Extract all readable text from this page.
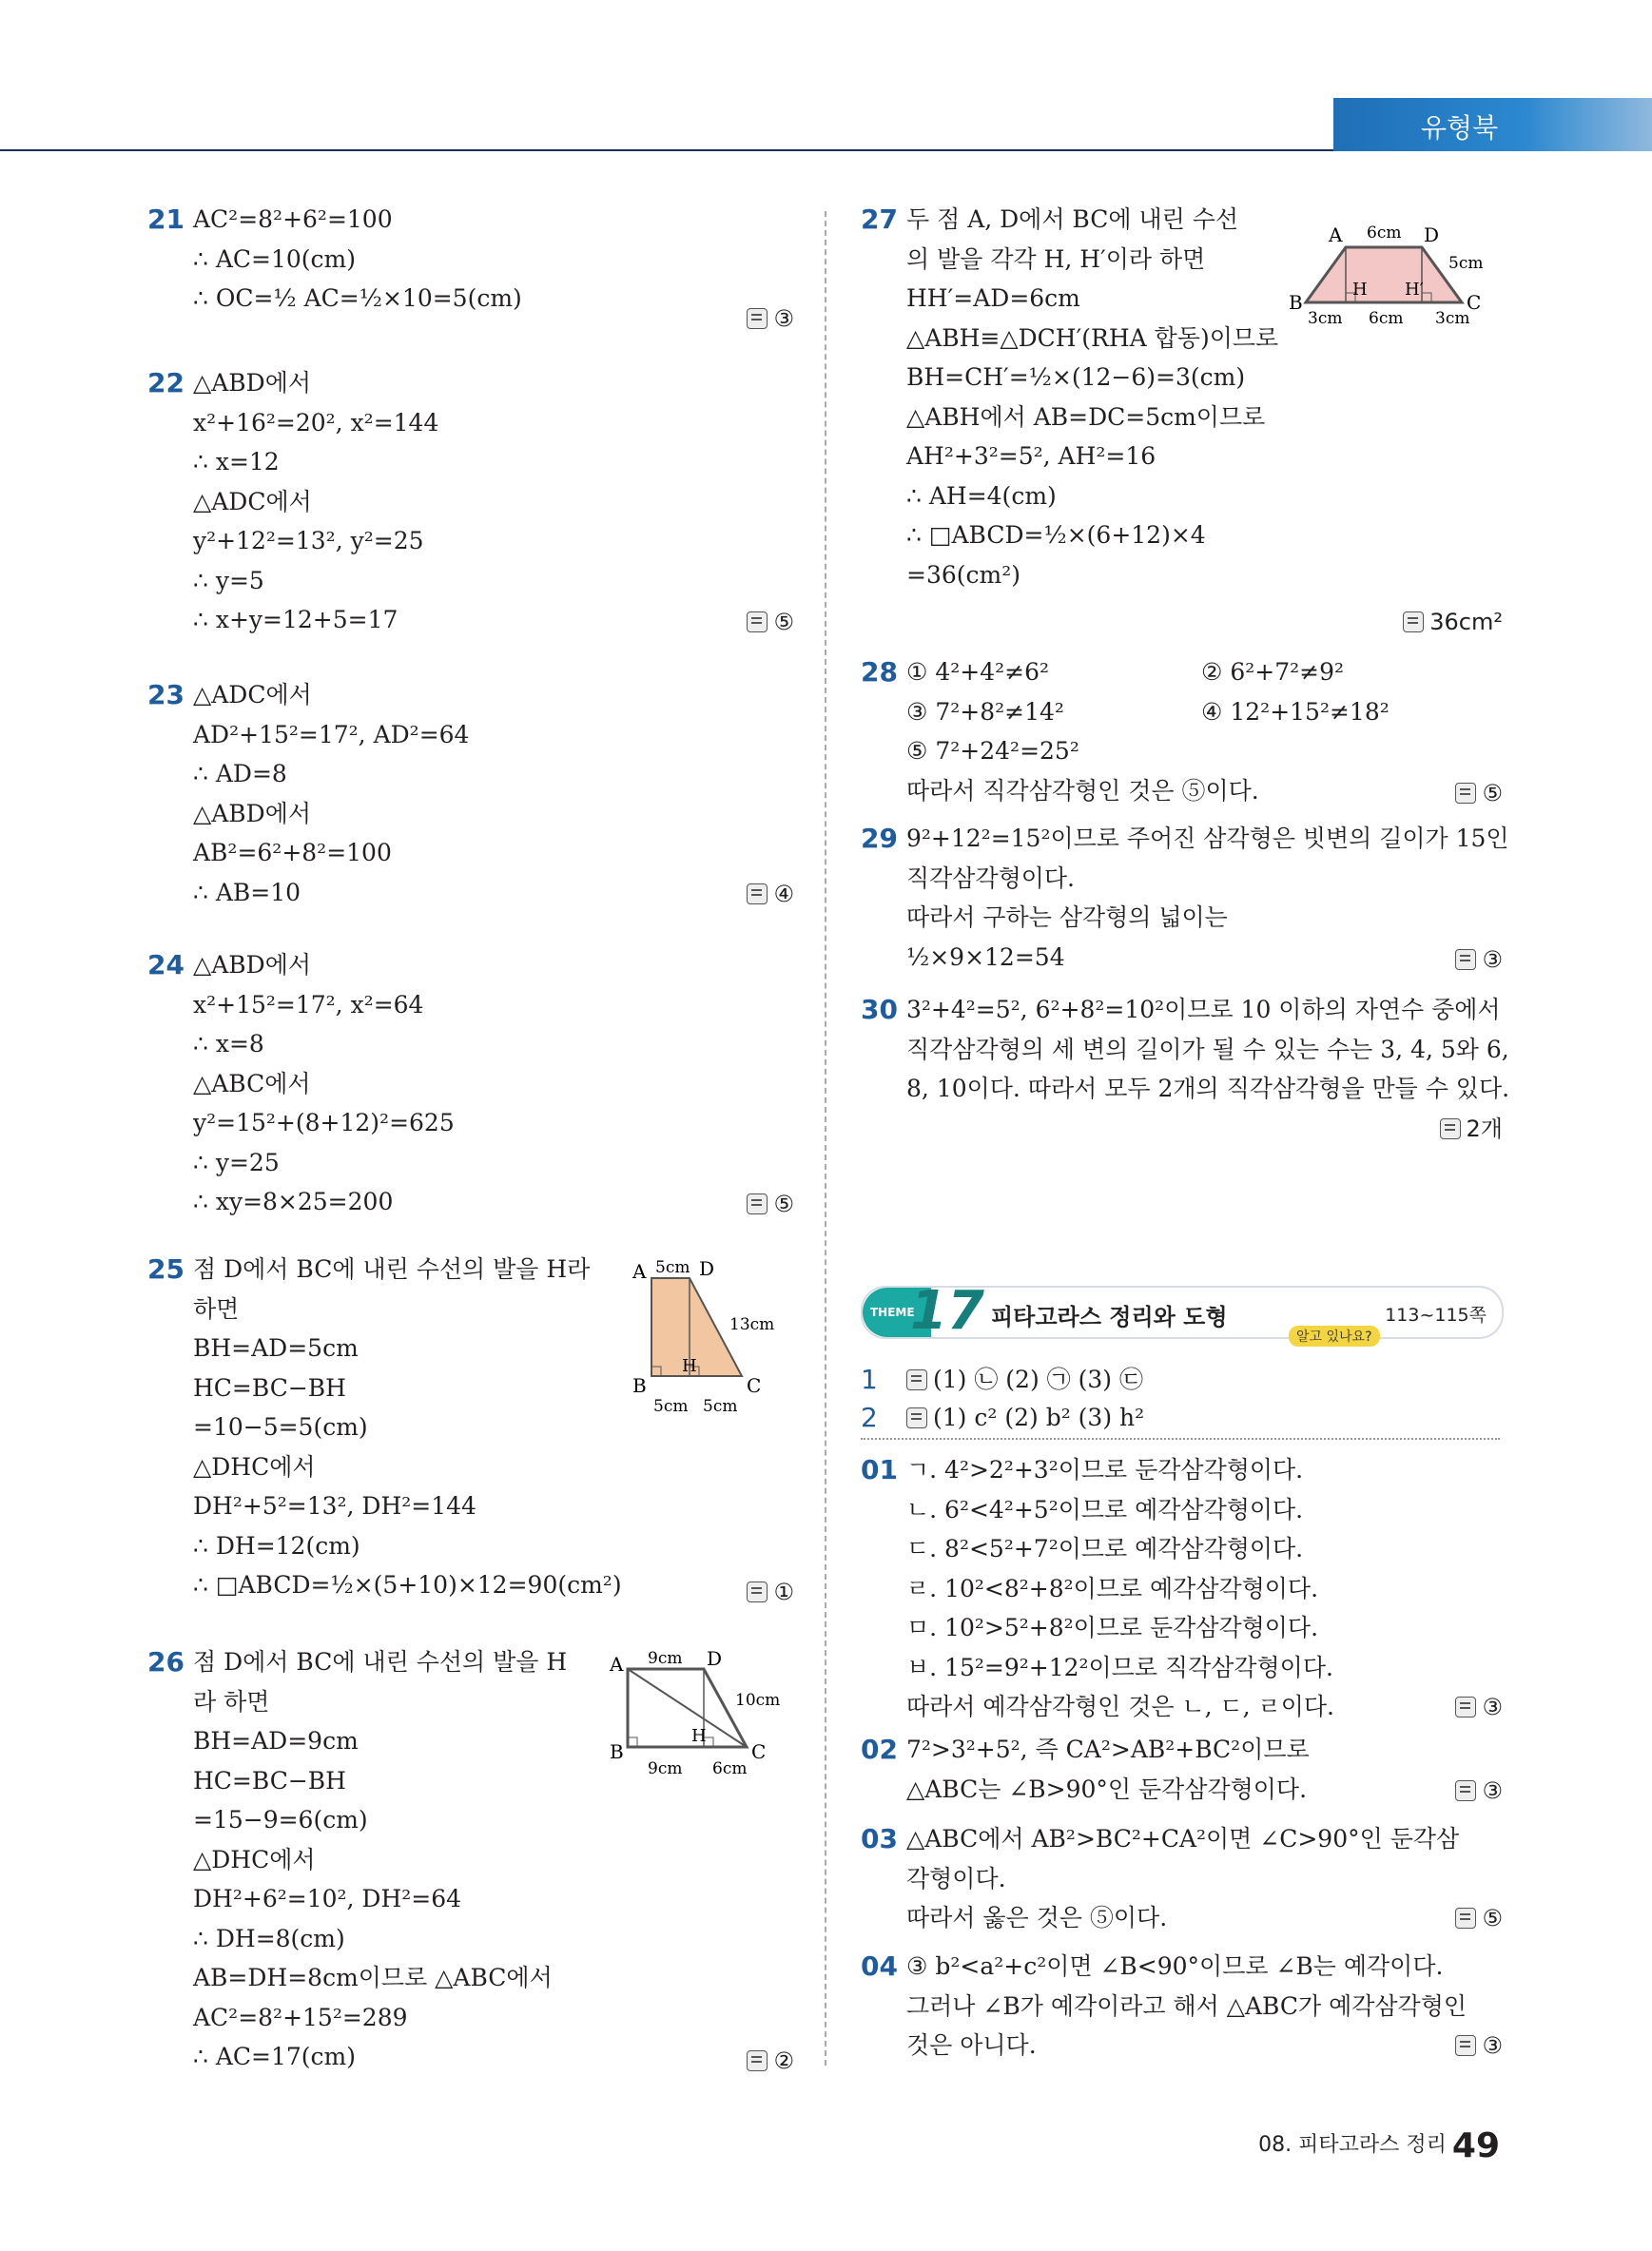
유형북
21 AC²=8²+6²=100
∴ AC=10(cm)
∴ OC=½ AC=½×10=5(cm)
③
22 △ABD에서
x²+16²=20², x²=144
∴ x=12
△ADC에서
y²+12²=13², y²=25
∴ y=5
∴ x+y=12+5=17	⑤
23 △ADC에서
AD²+15²=17², AD²=64
∴ AD=8
△ABD에서
AB²=6²+8²=100
∴ AB=10	④
24 △ABD에서
x²+15²=17², x²=64
∴ x=8
△ABC에서
y²=15²+(8+12)²=625
∴ y=25
∴ xy=8×25=200	⑤
25 점 D에서 BC에 내린 수선의 발을 H라
하면
BH=AD=5cm
HC=BC−BH
=10−5=5(cm)
△DHC에서
DH²+5²=13², DH²=144
∴ DH=12(cm)
∴ □ABCD=½×(5+10)×12=90(cm²)	①
A	D
B	C
H
5cm
13cm
5cm 5cm
26 점 D에서 BC에 내린 수선의 발을 H
라 하면
BH=AD=9cm
HC=BC−BH
=15−9=6(cm)
△DHC에서
DH²+6²=10², DH²=64
∴ DH=8(cm)
AB=DH=8cm이므로 △ABC에서
AC²=8²+15²=289
∴ AC=17(cm)	②
A	D
B	C
H
9cm
10cm
9cm 6cm
27 두 점 A, D에서 BC에 내린 수선
의 발을 각각 H, H′이라 하면
HH′=AD=6cm
△ABH≡△DCH′(RHA 합동)이므로
BH=CH′=½×(12−6)=3(cm)
△ABH에서 AB=DC=5cm이므로
AH²+3²=5², AH²=16
∴ AH=4(cm)
∴ □ABCD=½×(6+12)×4
=36(cm²)
36cm²
A	D
B	C
H H′
6cm
5cm
3cm 6cm 3cm
28 ① 4²+4²≠6²	② 6²+7²≠9²
③ 7²+8²≠14²	④ 12²+15²≠18²
⑤ 7²+24²=25²
따라서 직각삼각형인 것은 ⑤이다.	⑤
29 9²+12²=15²이므로 주어진 삼각형은 빗변의 길이가 15인
직각삼각형이다.
따라서 구하는 삼각형의 넓이는
½×9×12=54	③
30 3²+4²=5², 6²+8²=10²이므로 10 이하의 자연수 중에서
직각삼각형의 세 변의 길이가 될 수 있는 수는 3, 4, 5와 6,
8, 10이다. 따라서 모두 2개의 직각삼각형을 만들 수 있다.
2개
THEME
17 피타고라스 정리와 도형	113~115쪽
알고 있나요?
1	(1) ㉡ (2) ㉠ (3) ㉢
2	(1) c² (2) b² (3) h²
01 ㄱ. 4²>2²+3²이므로 둔각삼각형이다.
ㄴ. 6²<4²+5²이므로 예각삼각형이다.
ㄷ. 8²<5²+7²이므로 예각삼각형이다.
ㄹ. 10²<8²+8²이므로 예각삼각형이다.
ㅁ. 10²>5²+8²이므로 둔각삼각형이다.
ㅂ. 15²=9²+12²이므로 직각삼각형이다.
따라서 예각삼각형인 것은 ㄴ, ㄷ, ㄹ이다.	③
02 7²>3²+5², 즉 CA²>AB²+BC²이므로
△ABC는 ∠B>90°인 둔각삼각형이다.	③
03 △ABC에서 AB²>BC²+CA²이면 ∠C>90°인 둔각삼
각형이다.
따라서 옳은 것은 ⑤이다.	⑤
04 ③ b²<a²+c²이면 ∠B<90°이므로 ∠B는 예각이다.
그러나 ∠B가 예각이라고 해서 △ABC가 예각삼각형인
것은 아니다.	③
08. 피타고라스 정리 49
